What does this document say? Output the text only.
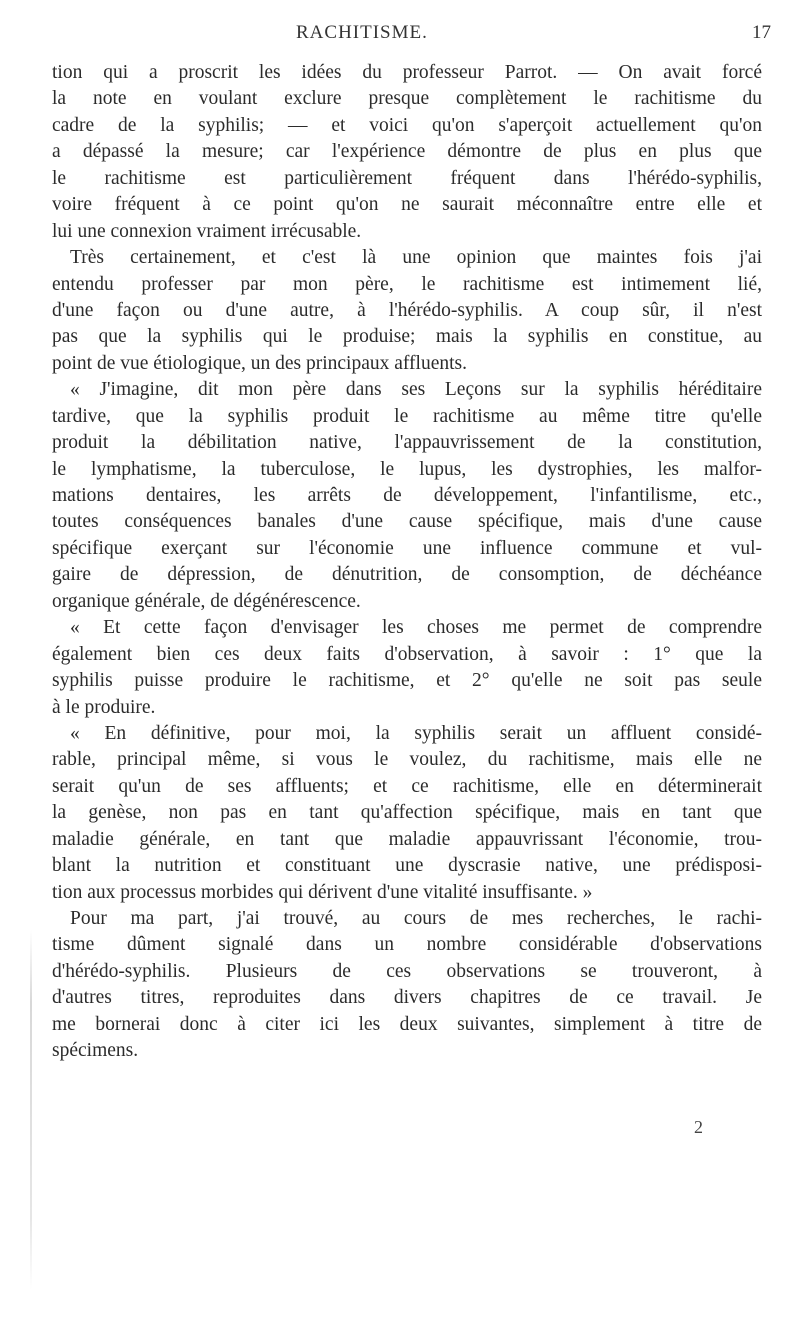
RACHITISME.	17
tion qui a proscrit les idées du professeur Parrot. — On avait forcé
la note en voulant exclure presque complètement le rachitisme du
cadre de la syphilis; — et voici qu'on s'aperçoit actuellement qu'on
a dépassé la mesure; car l'expérience démontre de plus en plus que
le rachitisme est particulièrement fréquent dans l'hérédo-syphilis,
voire fréquent à ce point qu'on ne saurait méconnaître entre elle et
lui une connexion vraiment irrécusable.
Très certainement, et c'est là une opinion que maintes fois j'ai
entendu professer par mon père, le rachitisme est intimement lié,
d'une façon ou d'une autre, à l'hérédo-syphilis. A coup sûr, il n'est
pas que la syphilis qui le produise; mais la syphilis en constitue, au
point de vue étiologique, un des principaux affluents.
« J'imagine, dit mon père dans ses Leçons sur la syphilis héréditaire
tardive, que la syphilis produit le rachitisme au même titre qu'elle
produit la débilitation native, l'appauvrissement de la constitution,
le lymphatisme, la tuberculose, le lupus, les dystrophies, les malfor-
mations dentaires, les arrêts de développement, l'infantilisme, etc.,
toutes conséquences banales d'une cause spécifique, mais d'une cause
spécifique exerçant sur l'économie une influence commune et vul-
gaire de dépression, de dénutrition, de consomption, de déchéance
organique générale, de dégénérescence.
« Et cette façon d'envisager les choses me permet de comprendre
également bien ces deux faits d'observation, à savoir : 1° que la
syphilis puisse produire le rachitisme, et 2° qu'elle ne soit pas seule
à le produire.
« En définitive, pour moi, la syphilis serait un affluent considé-
rable, principal même, si vous le voulez, du rachitisme, mais elle ne
serait qu'un de ses affluents; et ce rachitisme, elle en déterminerait
la genèse, non pas en tant qu'affection spécifique, mais en tant que
maladie générale, en tant que maladie appauvrissant l'économie, trou-
blant la nutrition et constituant une dyscrasie native, une prédisposi-
tion aux processus morbides qui dérivent d'une vitalité insuffisante. »
Pour ma part, j'ai trouvé, au cours de mes recherches, le rachi-
tisme dûment signalé dans un nombre considérable d'observations
d'hérédo-syphilis. Plusieurs de ces observations se trouveront, à
d'autres titres, reproduites dans divers chapitres de ce travail. Je
me bornerai donc à citer ici les deux suivantes, simplement à titre de
spécimens.
2
